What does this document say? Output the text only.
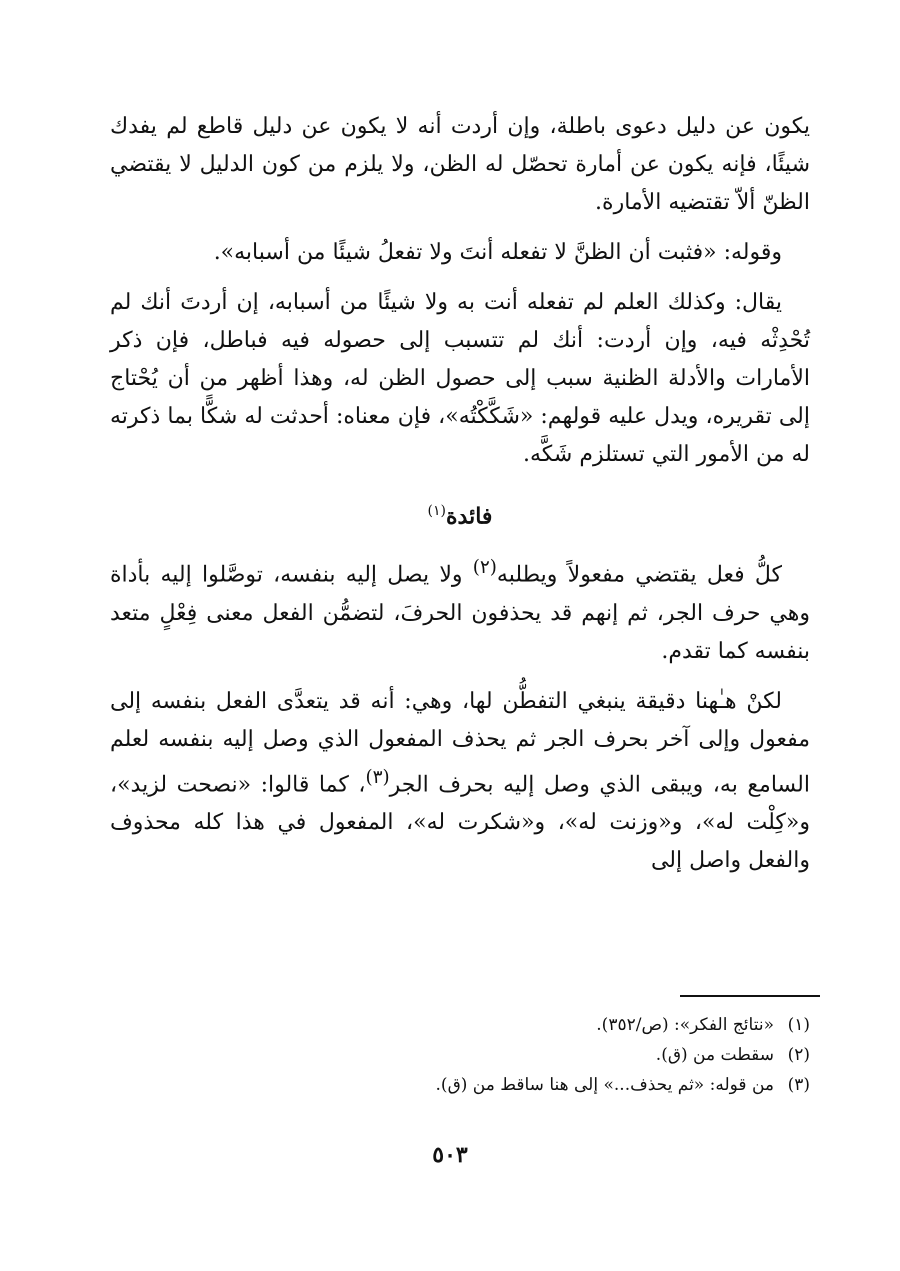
يكون عن دليل دعوى باطلة، وإن أردت أنه لا يكون عن دليل قاطع لم يفدك شيئًا، فإنه يكون عن أمارة تحصّل له الظن، ولا يلزم من كون الدليل لا يقتضي الظنّ ألاّ تقتضيه الأمارة.

وقوله: «فثبت أن الظنَّ لا تفعله أنتَ ولا تفعلُ شيئًا من أسبابه».

يقال: وكذلك العلم لم تفعله أنت به ولا شيئًا من أسبابه، إن أردتَ أنك لم تُحْدِثْه فيه، وإن أردت: أنك لم تتسبب إلى حصوله فيه فباطل، فإن ذكر الأمارات والأدلة الظنية سبب إلى حصول الظن له، وهذا أظهر من أن يُحْتاج إلى تقريره، ويدل عليه قولهم: «شَكَّكْتُه»، فإن معناه: أحدثت له شكًّا بما ذكرته له من الأمور التي تستلزم شَكَّه.

فائدة$^{(١)}$

كلُّ فعل يقتضي مفعولاً ويطلبه$^{(٢)}$ ولا يصل إليه بنفسه، توصَّلوا إليه بأداة وهي حرف الجر، ثم إنهم قد يحذفون الحرفَ، لتضمُّن الفعل معنى فِعْلٍ متعد بنفسه كما تقدم.

لكنْ هـٰهنا دقيقة ينبغي التفطُّن لها، وهي: أنه قد يتعدَّى الفعل بنفسه إلى مفعول وإلى آخر بحرف الجر ثم يحذف المفعول الذي وصل إليه بنفسه لعلم السامع به، ويبقى الذي وصل إليه بحرف الجر$^{(٣)}$، كما قالوا: «نصحت لزيد»، و«كِلْت له»، و«وزنت له»، و«شكرت له»، المفعول في هذا كله محذوف والفعل واصل إلى

(١)«نتائج الفكر»: (ص/٣٥٢).

(٢)سقطت من (ق).

(٣)من قوله: «ثم يحذف...» إلى هنا ساقط من (ق).

٥٠٣
